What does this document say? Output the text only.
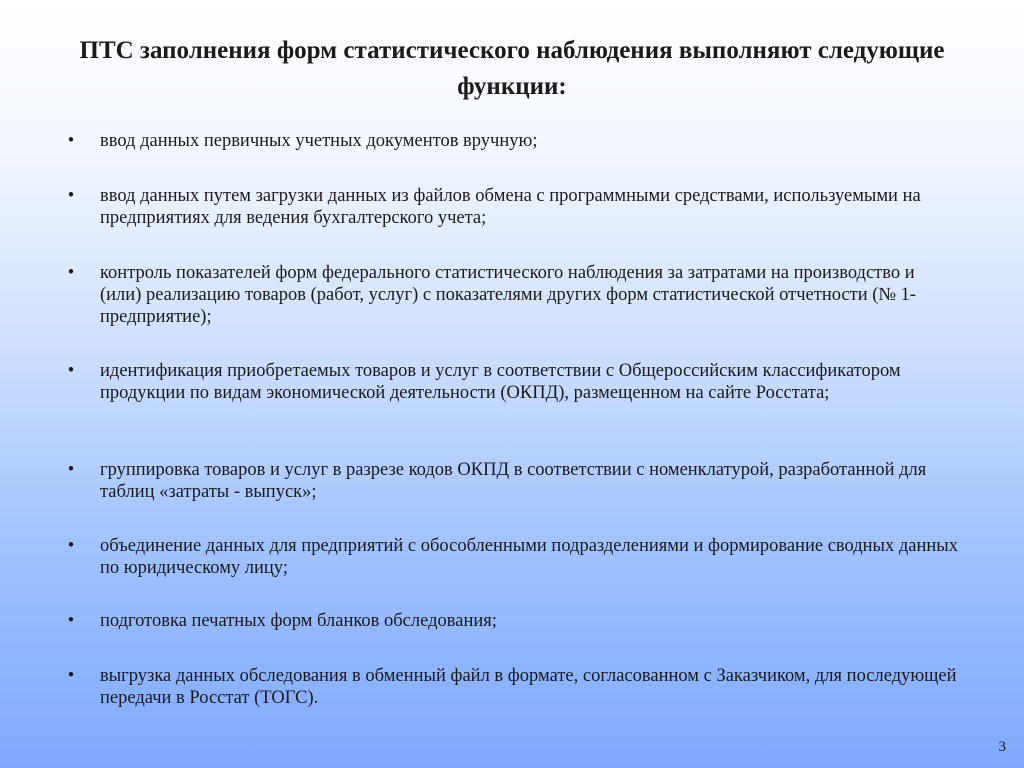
ПТС заполнения форм статистического наблюдения выполняют следующие функции:
• ввод данных первичных учетных документов вручную;
• ввод данных путем загрузки данных из файлов обмена с программными средствами, используемыми на предприятиях для ведения бухгалтерского учета;
• контроль показателей форм федерального статистического наблюдения за затратами на производство и (или) реализацию товаров (работ, услуг) с показателями других форм статистической отчетности (№ 1-предприятие);
• идентификация приобретаемых товаров и услуг в соответствии с Общероссийским классификатором продукции по видам экономической деятельности (ОКПД), размещенном на сайте Росстата;
• группировка товаров и услуг в разрезе кодов ОКПД в соответствии с номенклатурой, разработанной для таблиц «затраты - выпуск»;
• объединение данных для предприятий с обособленными подразделениями и формирование сводных данных по юридическому лицу;
• подготовка печатных форм бланков обследования;
• выгрузка данных обследования в обменный файл в формате, согласованном с Заказчиком, для последующей передачи в Росстат (ТОГС).
3
